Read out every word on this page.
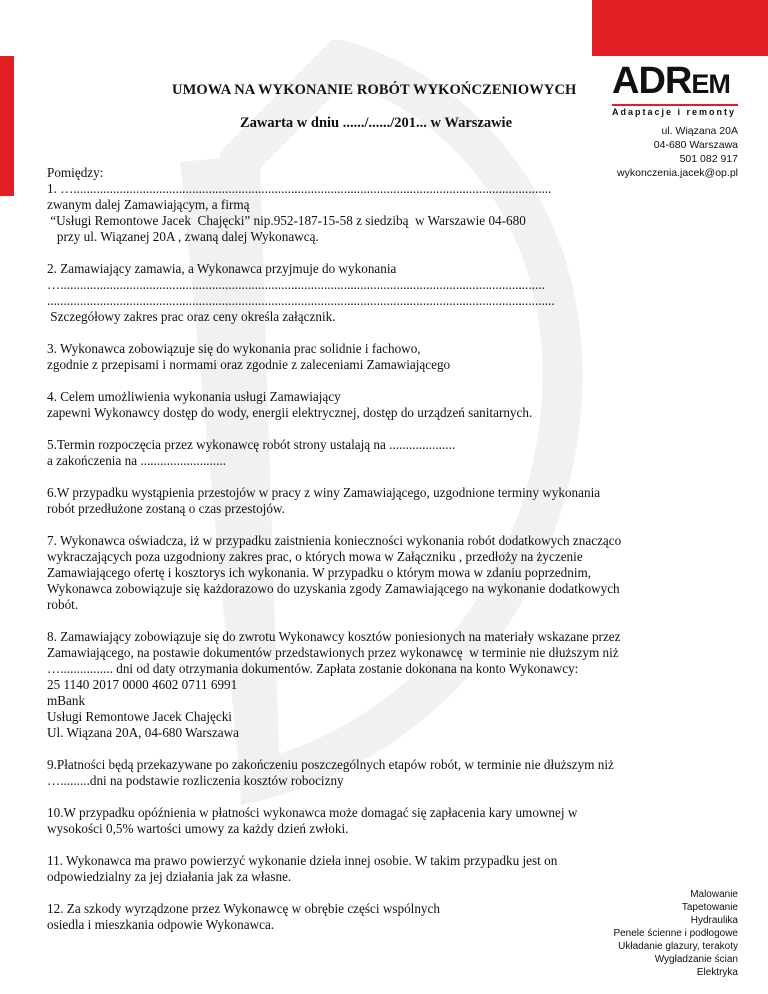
UMOWA NA WYKONANIE ROBÓT WYKOŃCZENIOWYCH
Zawarta w dniu ....../....../201... w Warszawie
ADREM
Adaptacje i remonty
ul. Wiązana 20A
04-680 Warszawa
501 082 917
wykonczenia.jacek@op.pl

Pomiędzy:
1. ….................................................................................................................................................
zwanym dalej Zamawiającym, a firmą
“Usługi Remontowe Jacek  Chajęcki” nip.952-187-15-58 z siedzibą  w Warszawie 04-680
przy ul. Wiązanej 20A , zwaną dalej Wykonawcą.

2. Zamawiający zamawia, a Wykonawca przyjmuje do wykonania
…...................................................................................................................................................
..........................................................................................................................................................
Szczegółowy zakres prac oraz ceny określa załącznik.

3. Wykonawca zobowiązuje się do wykonania prac solidnie i fachowo,
zgodnie z przepisami i normami oraz zgodnie z zaleceniami Zamawiającego

4. Celem umożliwienia wykonania usługi Zamawiający
zapewni Wykonawcy dostęp do wody, energii elektrycznej, dostęp do urządzeń sanitarnych.

5.Termin rozpoczęcia przez wykonawcę robót strony ustalają na ....................
a zakończenia na ..........................

6.W przypadku wystąpienia przestojów w pracy z winy Zamawiającego, uzgodnione terminy wykonania
robót przedłużone zostaną o czas przestojów.

7. Wykonawca oświadcza, iż w przypadku zaistnienia konieczności wykonania robót dodatkowych znacząco
wykraczających poza uzgodniony zakres prac, o których mowa w Załączniku , przedłoży na życzenie
Zamawiającego ofertę i kosztorys ich wykonania. W przypadku o którym mowa w zdaniu poprzednim,
Wykonawca zobowiązuje się każdorazowo do uzyskania zgody Zamawiającego na wykonanie dodatkowych
robót.

8. Zamawiający zobowiązuje się do zwrotu Wykonawcy kosztów poniesionych na materiały wskazane przez
Zamawiającego, na postawie dokumentów przedstawionych przez wykonawcę  w terminie nie dłuższym niż
…................ dni od daty otrzymania dokumentów. Zapłata zostanie dokonana na konto Wykonawcy:
25 1140 2017 0000 4602 0711 6991
mBank
Usługi Remontowe Jacek Chajęcki
Ul. Wiązana 20A, 04-680 Warszawa

9.Płatności będą przekazywane po zakończeniu poszczególnych etapów robót, w terminie nie dłuższym niż
….........dni na podstawie rozliczenia kosztów robocizny

10.W przypadku opóźnienia w płatności wykonawca może domagać się zapłacenia kary umownej w
wysokości 0,5% wartości umowy za każdy dzień zwłoki.

11. Wykonawca ma prawo powierzyć wykonanie dzieła innej osobie. W takim przypadku jest on
odpowiedzialny za jej działania jak za własne.

12. Za szkody wyrządzone przez Wykonawcę w obrębie części wspólnych
osiedla i mieszkania odpowie Wykonawca.

Malowanie
Tapetowanie
Hydraulika
Penele ścienne i podłogowe
Układanie glazury, terakoty
Wygładzanie ścian
Elektryka
